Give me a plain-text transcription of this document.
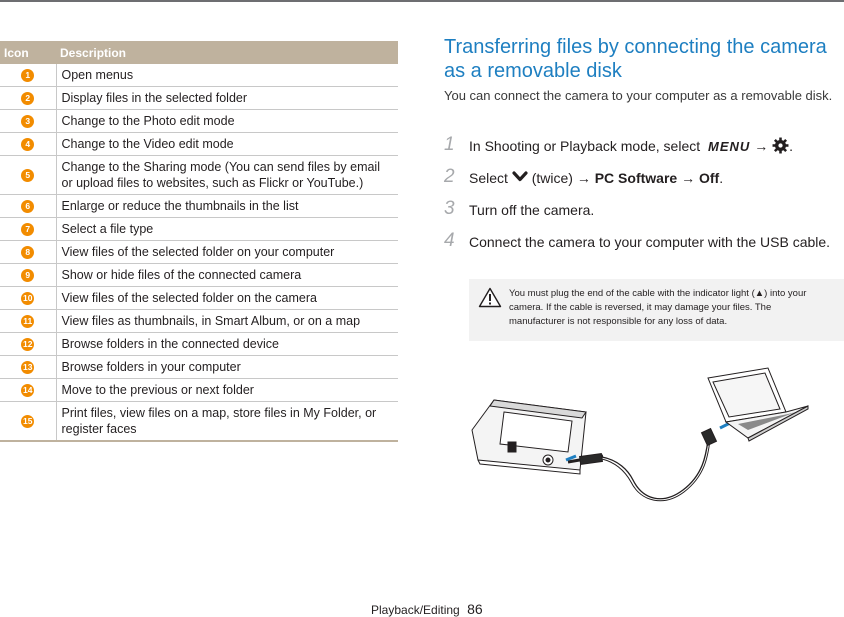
Icon	Description
1	Open menus
2	Display files in the selected folder
3	Change to the Photo edit mode
4	Change to the Video edit mode
5	Change to the Sharing mode (You can send files by email or upload files to websites, such as Flickr or YouTube.)
6	Enlarge or reduce the thumbnails in the list
7	Select a file type
8	View files of the selected folder on your computer
9	Show or hide files of the connected camera
10	View files of the selected folder on the camera
11	View files as thumbnails, in Smart Album, or on a map
12	Browse folders in the connected device
13	Browse folders in your computer
14	Move to the previous or next folder
15	Print files, view files on a map, store files in My Folder, or register faces
Transferring files by connecting the camera as a removable disk

You can connect the camera to your computer as a removable disk.

1 In Shooting or Playback mode, select MENU → .
2 Select (twice) → PC Software → Off.
3 Turn off the camera.
4 Connect the camera to your computer with the USB cable.
You must plug the end of the cable with the indicator light (▲) into your camera. If the cable is reversed, it may damage your files. The manufacturer is not responsible for any loss of data.
Playback/Editing 86
